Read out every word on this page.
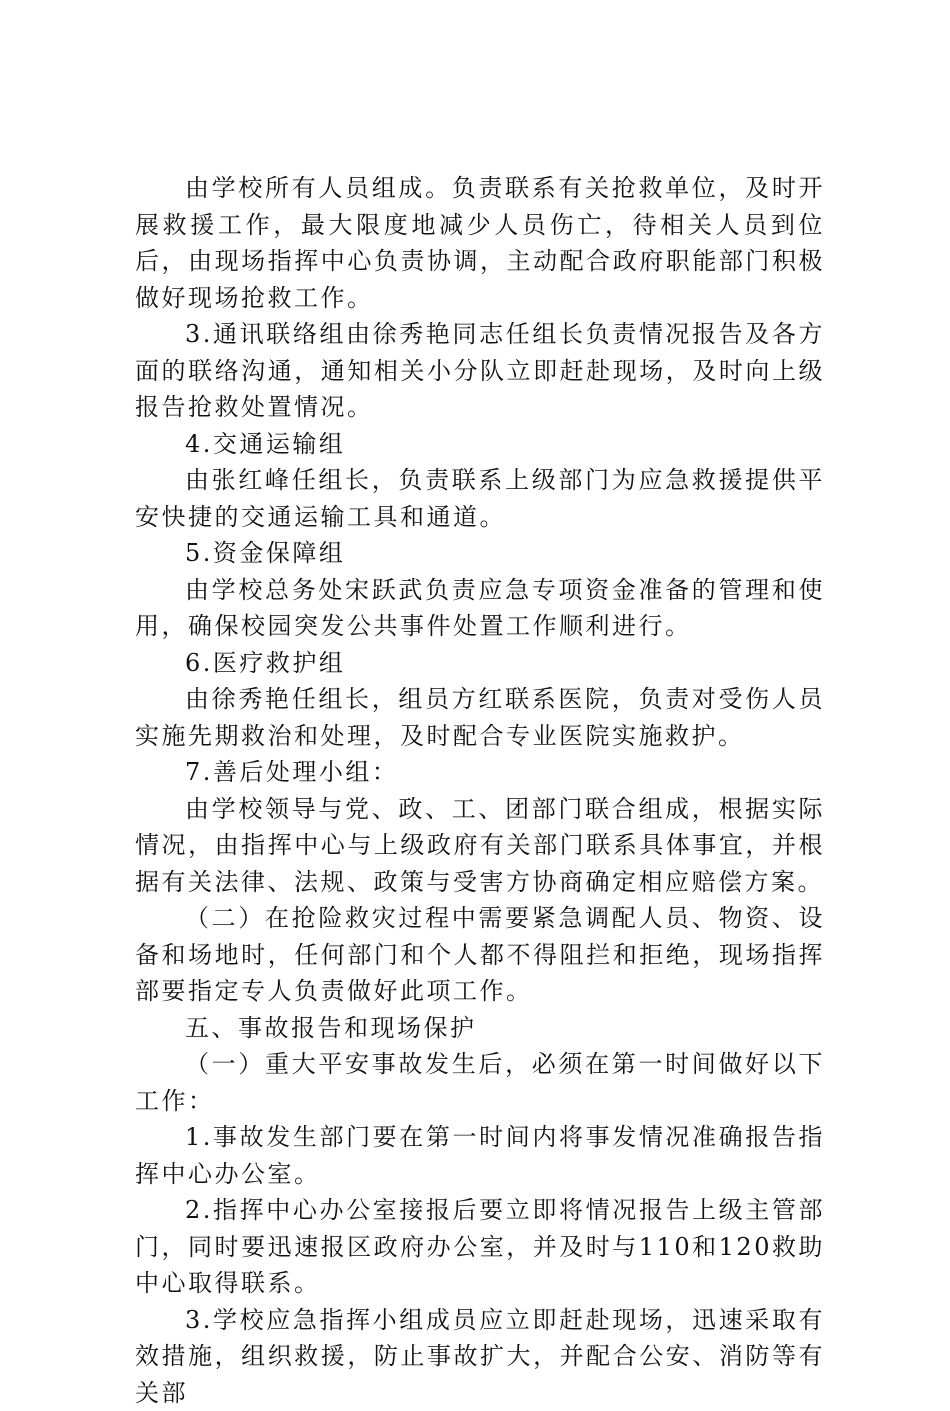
由学校所有人员组成。负责联系有关抢救单位，及时开展救援工作，最大限度地减少人员伤亡，待相关人员到位后，由现场指挥中心负责协调，主动配合政府职能部门积极做好现场抢救工作。

3.通讯联络组由徐秀艳同志任组长负责情况报告及各方面的联络沟通，通知相关小分队立即赶赴现场，及时向上级报告抢救处置情况。

4.交通运输组

由张红峰任组长，负责联系上级部门为应急救援提供平安快捷的交通运输工具和通道。

5.资金保障组

由学校总务处宋跃武负责应急专项资金准备的管理和使用，确保校园突发公共事件处置工作顺利进行。

6.医疗救护组

由徐秀艳任组长，组员方红联系医院，负责对受伤人员实施先期救治和处理，及时配合专业医院实施救护。

7.善后处理小组：

由学校领导与党、政、工、团部门联合组成，根据实际情况，由指挥中心与上级政府有关部门联系具体事宜，并根据有关法律、法规、政策与受害方协商确定相应赔偿方案。

（二）在抢险救灾过程中需要紧急调配人员、物资、设备和场地时，任何部门和个人都不得阻拦和拒绝，现场指挥部要指定专人负责做好此项工作。

五、事故报告和现场保护

（一）重大平安事故发生后，必须在第一时间做好以下工作：

1.事故发生部门要在第一时间内将事发情况准确报告指挥中心办公室。

2.指挥中心办公室接报后要立即将情况报告上级主管部门，同时要迅速报区政府办公室，并及时与110和120救助中心取得联系。

3.学校应急指挥小组成员应立即赶赴现场，迅速采取有效措施，组织救援，防止事故扩大，并配合公安、消防等有关部
